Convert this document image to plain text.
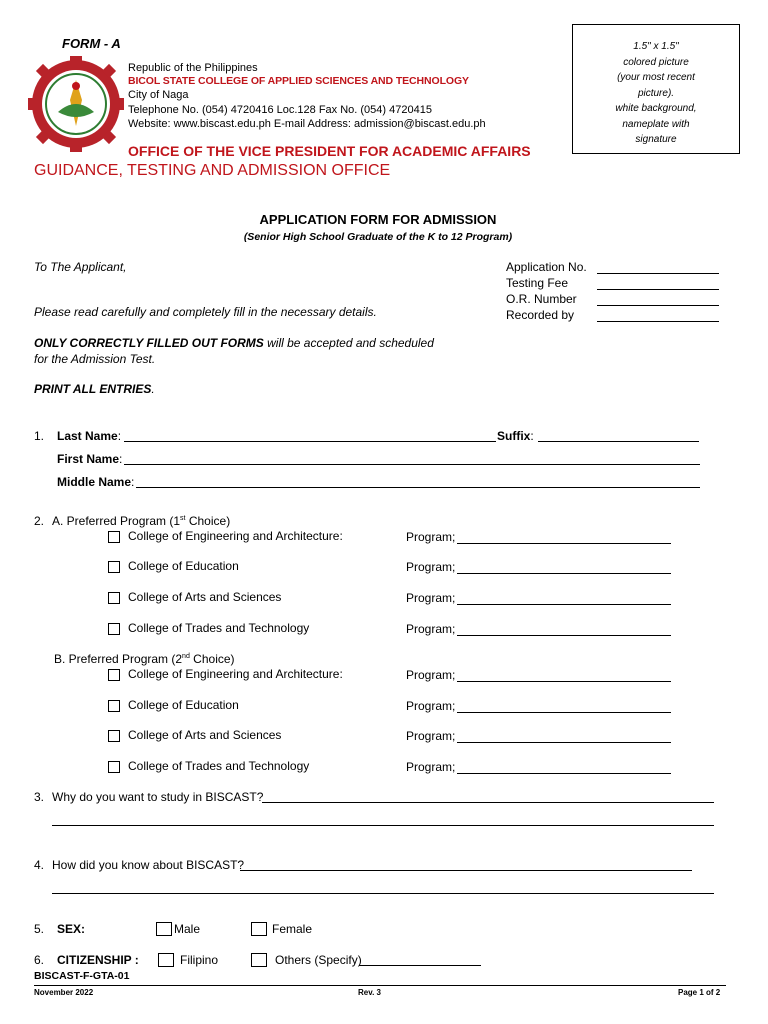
FORM - A
Republic of the Philippines
BICOL STATE COLLEGE OF APPLIED SCIENCES AND TECHNOLOGY
City of Naga
Telephone No. (054) 4720416 Loc.128 Fax No. (054) 4720415
Website: www.biscast.edu.ph E-mail Address: admission@biscast.edu.ph
OFFICE OF THE VICE PRESIDENT FOR ACADEMIC AFFAIRS
GUIDANCE, TESTING AND ADMISSION OFFICE
1.5" x 1.5"
colored picture
(your most recent
picture).
white background,
nameplate with
signature
APPLICATION FORM FOR ADMISSION
(Senior High School Graduate of the K to 12 Program)
To The Applicant,
Please read carefully and completely fill in the necessary details.
ONLY CORRECTLY FILLED OUT FORMS will be accepted and scheduled
for the Admission Test.
PRINT ALL ENTRIES.
Application No.
Testing Fee
O.R. Number
Recorded by
1. Last Name:	Suffix:
First Name:
Middle Name:
2. A. Preferred Program (1st Choice)
College of Engineering and Architecture:	Program;
College of Education	Program;
College of Arts and Sciences	Program;
College of Trades and Technology	Program;
B. Preferred Program (2nd Choice)
College of Engineering and Architecture:	Program;
College of Education	Program;
College of Arts and Sciences	Program;
College of Trades and Technology	Program;
3. Why do you want to study in BISCAST?
4. How did you know about BISCAST?
5. SEX:	Male	Female
6. CITIZENSHIP :	Filipino	Others (Specify)
BISCAST-F-GTA-01
November 2022	Rev. 3	Page 1 of 2
